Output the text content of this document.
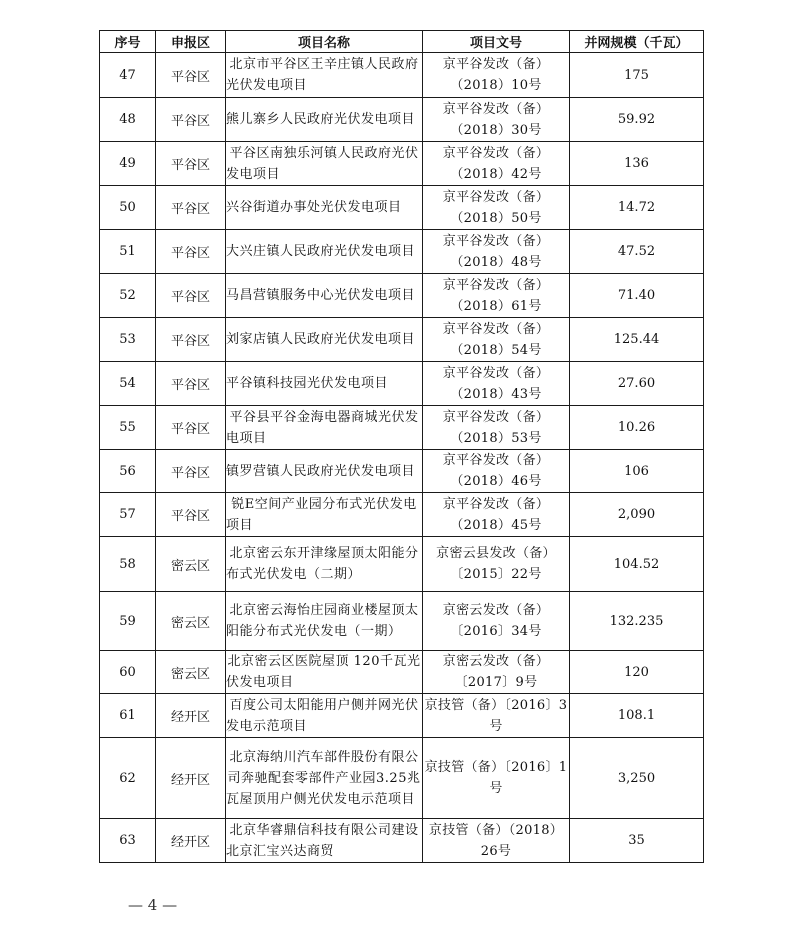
序号	申报区	项目名称	项目文号	并网规模（千瓦）
47	平谷区	北京市平谷区王辛庄镇人民政府光伏发电项目	京平谷发改（备）（2018）10号	175
48	平谷区	熊儿寨乡人民政府光伏发电项目	京平谷发改（备）（2018）30号	59.92
49	平谷区	平谷区南独乐河镇人民政府光伏发电项目	京平谷发改（备）（2018）42号	136
50	平谷区	兴谷街道办事处光伏发电项目	京平谷发改（备）（2018）50号	14.72
51	平谷区	大兴庄镇人民政府光伏发电项目	京平谷发改（备）（2018）48号	47.52
52	平谷区	马昌营镇服务中心光伏发电项目	京平谷发改（备）（2018）61号	71.40
53	平谷区	刘家店镇人民政府光伏发电项目	京平谷发改（备）（2018）54号	125.44
54	平谷区	平谷镇科技园光伏发电项目	京平谷发改（备）（2018）43号	27.60
55	平谷区	平谷县平谷金海电器商城光伏发电项目	京平谷发改（备）（2018）53号	10.26
56	平谷区	镇罗营镇人民政府光伏发电项目	京平谷发改（备）（2018）46号	106
57	平谷区	锐E空间产业园分布式光伏发电项目	京平谷发改（备）（2018）45号	2,090
58	密云区	北京密云东开津缘屋顶太阳能分布式光伏发电（二期）	京密云县发改（备）〔2015〕22号	104.52
59	密云区	北京密云海怡庄园商业楼屋顶太阳能分布式光伏发电（一期）	京密云发改（备）〔2016〕34号	132.235
60	密云区	北京密云区医院屋顶 120千瓦光伏发电项目	京密云发改（备）〔2017〕9号	120
61	经开区	百度公司太阳能用户侧并网光伏发电示范项目	京技管（备）〔2016〕3号	108.1
62	经开区	北京海纳川汽车部件股份有限公司奔驰配套零部件产业园3.25兆瓦屋顶用户侧光伏发电示范项目	京技管（备）〔2016〕1号	3,250
63	经开区	北京华睿鼎信科技有限公司建设北京汇宝兴达商贸	京技管（备）（2018）26号	35
— 4 —
